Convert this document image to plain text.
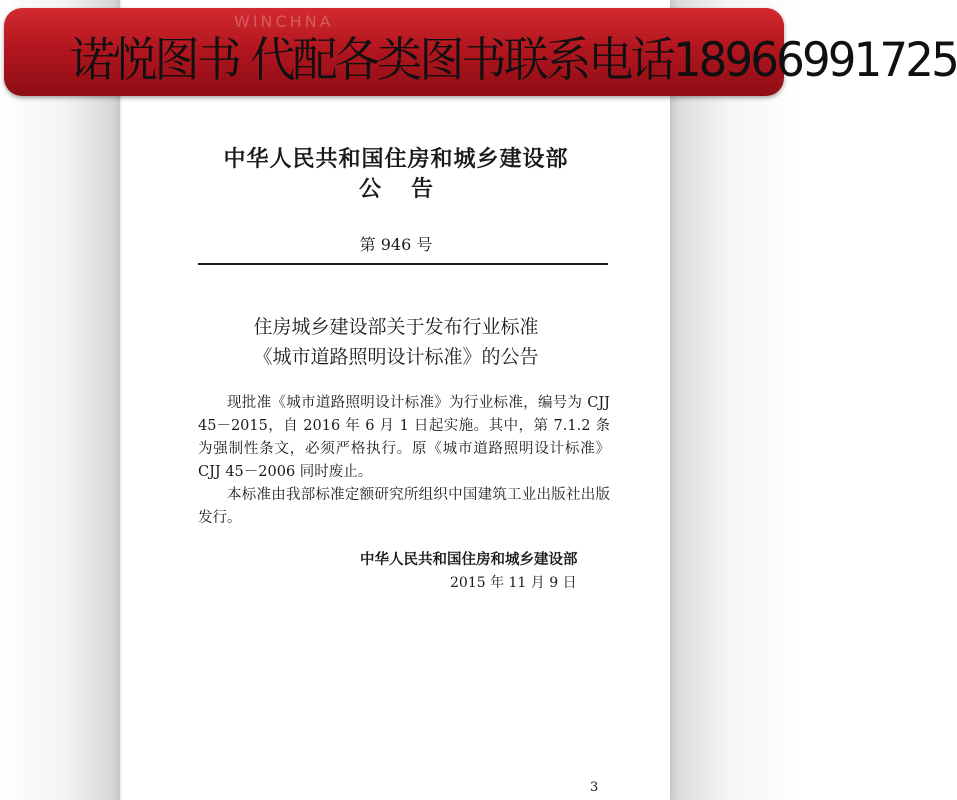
WINCHNA
诺悦图书 代配各类图书联系电话18966991725
中华人民共和国住房和城乡建设部
公告
第 946 号
住房城乡建设部关于发布行业标准
《城市道路照明设计标准》的公告

现批准《城市道路照明设计标准》为行业标准，编号为 CJJ 45－2015，自 2016 年 6 月 1 日起实施。其中，第 7.1.2 条为强制性条文，必须严格执行。原《城市道路照明设计标准》CJJ 45－2006 同时废止。

本标准由我部标准定额研究所组织中国建筑工业出版社出版发行。

中华人民共和国住房和城乡建设部
2015 年 11 月 9 日
3
